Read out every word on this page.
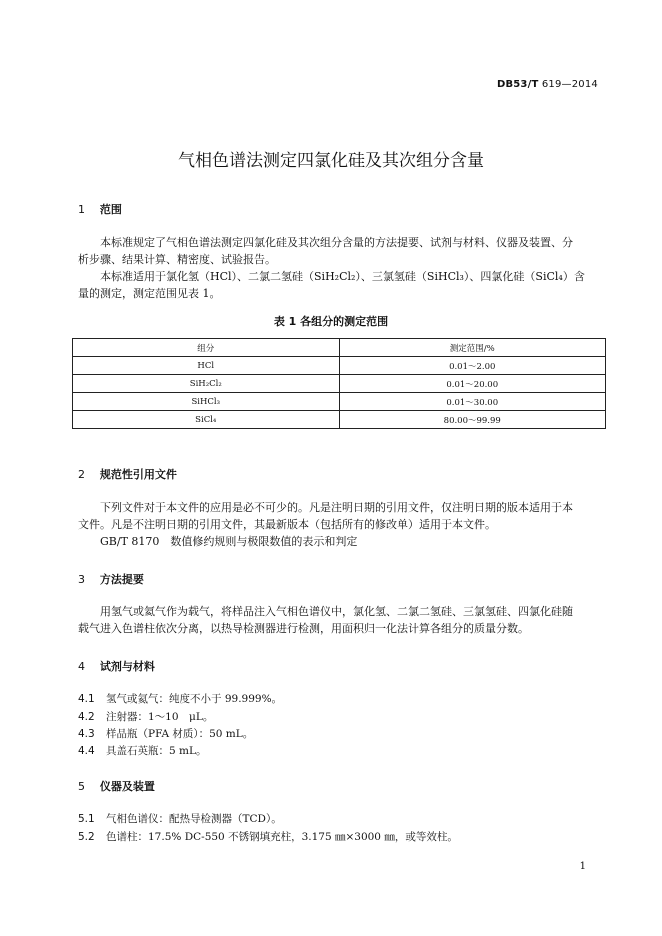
DB53/T 619—2014
气相色谱法测定四氯化硅及其次组分含量
1 范围
本标准规定了气相色谱法测定四氯化硅及其次组分含量的方法提要、试剂与材料、仪器及装置、分
析步骤、结果计算、精密度、试验报告。
本标准适用于氯化氢（HCl）、二氯二氢硅（SiH₂Cl₂）、三氯氢硅（SiHCl₃）、四氯化硅（SiCl₄）含
量的测定，测定范围见表 1。
表 1 各组分的测定范围
组分	测定范围/%
HCl	0.01～2.00
SiH₂Cl₂	0.01～20.00
SiHCl₃	0.01～30.00
SiCl₄	80.00～99.99
2 规范性引用文件
下列文件对于本文件的应用是必不可少的。凡是注明日期的引用文件，仅注明日期的版本适用于本
文件。凡是不注明日期的引用文件，其最新版本（包括所有的修改单）适用于本文件。
GB/T 8170　数值修约规则与极限数值的表示和判定
3 方法提要
用氢气或氦气作为载气，将样品注入气相色谱仪中，氯化氢、二氯二氢硅、三氯氢硅、四氯化硅随
载气进入色谱柱依次分离，以热导检测器进行检测，用面积归一化法计算各组分的质量分数。
4 试剂与材料
4.1 氢气或氦气：纯度不小于 99.999%。
4.2 注射器：1～10　μL。
4.3 样品瓶（PFA 材质）：50 mL。
4.4 具盖石英瓶：5 mL。
5 仪器及装置
5.1 气相色谱仪：配热导检测器（TCD）。
5.2 色谱柱：17.5% DC-550 不锈钢填充柱，3.175 ㎜×3000 ㎜，或等效柱。
1
